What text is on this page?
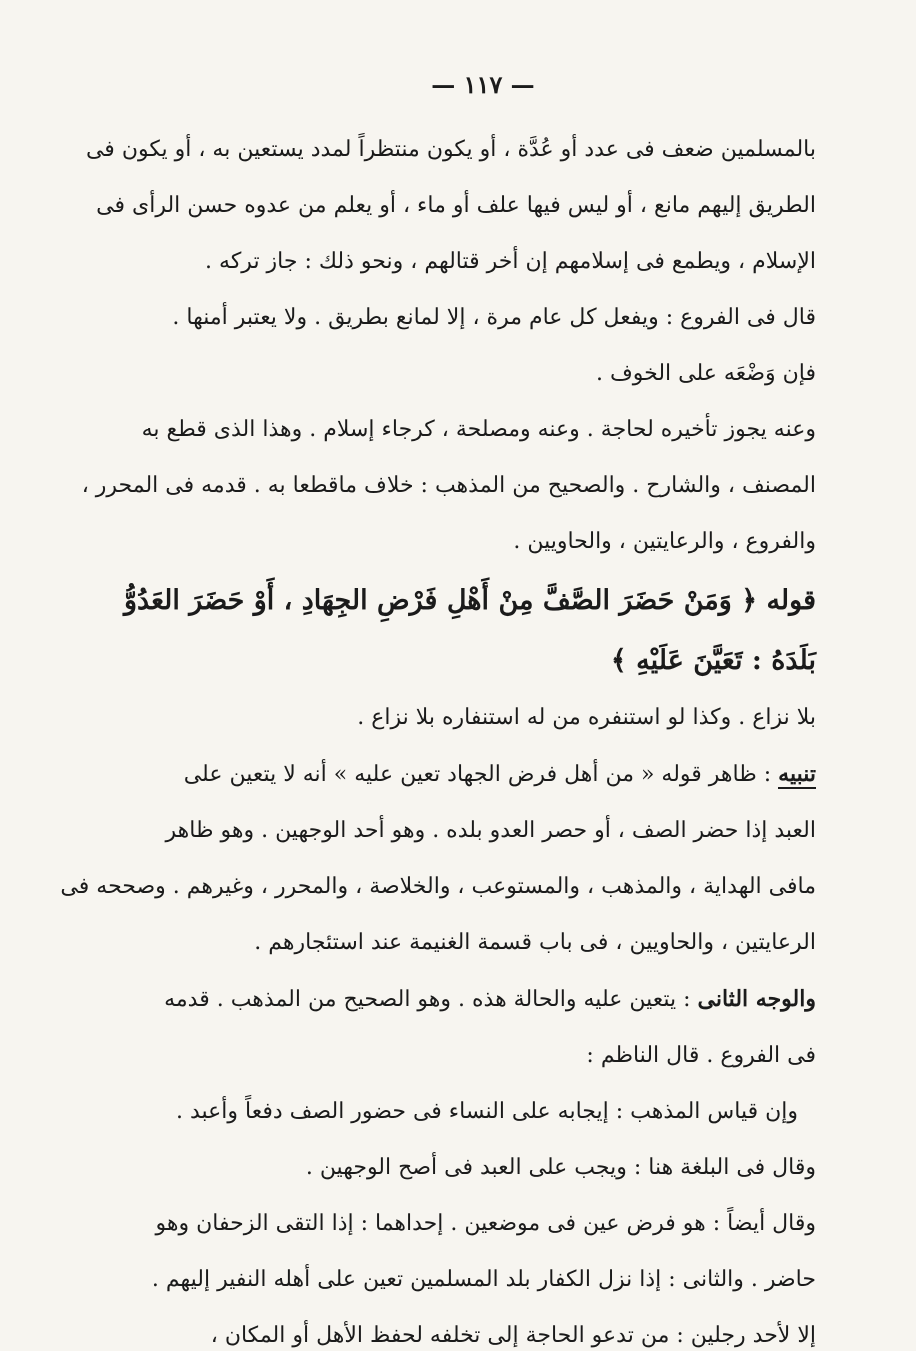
— ١١٧ —
بالمسلمين ضعف فى عدد أو عُدَّة ، أو يكون منتظراً لمدد يستعين به ، أو يكون فى
الطريق إليهم مانع ، أو ليس فيها علف أو ماء ، أو يعلم من عدوه حسن الرأى فى
الإسلام ، ويطمع فى إسلامهم إن أخر قتالهم ، ونحو ذلك : جاز تركه .
قال فى الفروع : ويفعل كل عام مرة ، إلا لمانع بطريق . ولا يعتبر أمنها .
فإن وَضْعَه على الخوف .
وعنه يجوز تأخيره لحاجة . وعنه ومصلحة ، كرجاء إسلام . وهذا الذى قطع به
المصنف ، والشارح . والصحيح من المذهب : خلاف ماقطعا به . قدمه فى المحرر ،
والفروع ، والرعايتين ، والحاويين .
قوله ﴿ وَمَنْ حَضَرَ الصَّفَّ مِنْ أَهْلِ فَرْضِ الجِهَادِ ، أَوْ حَضَرَ العَدُوُّ
بَلَدَهُ : تَعَيَّنَ عَلَيْهِ ﴾
بلا نزاع . وكذا لو استنفره من له استنفاره بلا نزاع .
تنبيه : ظاهر قوله « من أهل فرض الجهاد تعين عليه » أنه لا يتعين على
العبد إذا حضر الصف ، أو حصر العدو بلده . وهو أحد الوجهين . وهو ظاهر
مافى الهداية ، والمذهب ، والمستوعب ، والخلاصة ، والمحرر ، وغيرهم . وصححه فى
الرعايتين ، والحاويين ، فى باب قسمة الغنيمة عند استئجارهم .
والوجه الثانى : يتعين عليه والحالة هذه . وهو الصحيح من المذهب . قدمه
فى الفروع . قال الناظم :
وإن قياس المذهب : إيجابه على النساء فى حضور الصف دفعاً وأعبد .
وقال فى البلغة هنا : ويجب على العبد فى أصح الوجهين .
وقال أيضاً : هو فرض عين فى موضعين . إحداهما : إذا التقى الزحفان وهو
حاضر . والثانى : إذا نزل الكفار بلد المسلمين تعين على أهله النفير إليهم .
إلا لأحد رجلين : من تدعو الحاجة إلى تخلفه لحفظ الأهل أو المكان ،
